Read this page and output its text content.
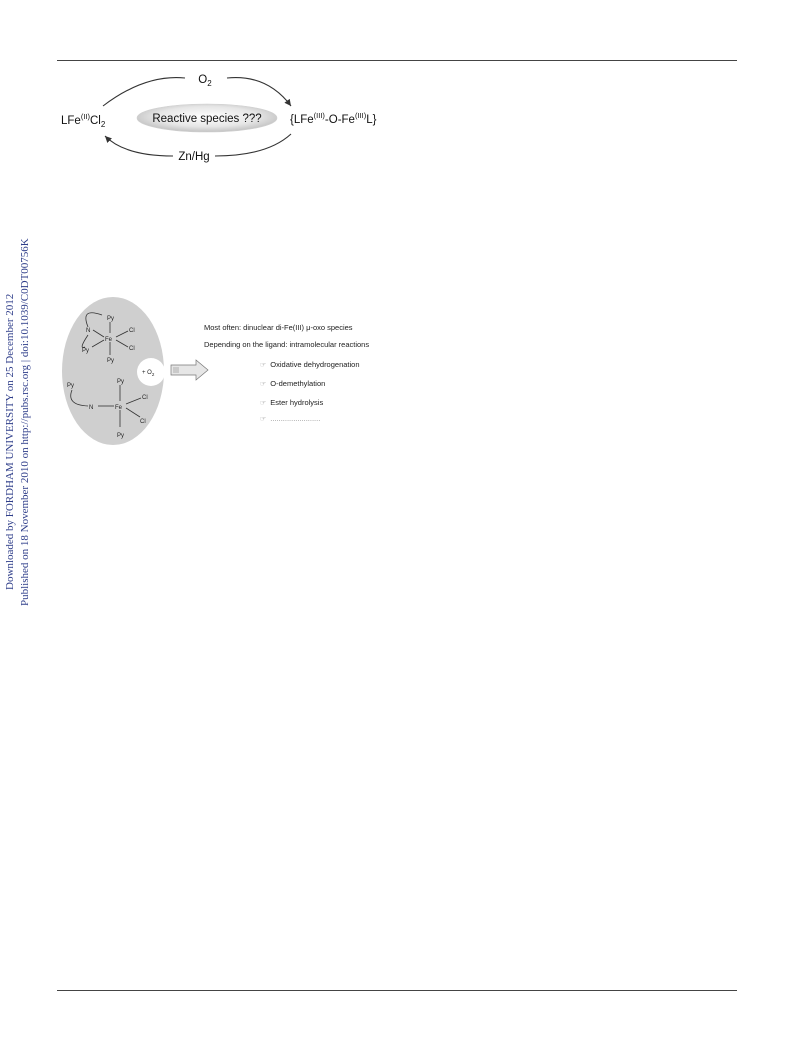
Downloaded by FORDHAM UNIVERSITY on 25 December 2012 Published on 18 November 2010 on http://pubs.rsc.org | doi:10.1039/C0DT00756K
Reactive species ???
$O_2$
Zn/Hg
$LFe^{(II)}Cl_2$	$\{LFe^{(III)}-O-Fe^{(III)}L\}$
Py
N
Fe
Cl
Cl
Py
Py
Py
Py
N	Fe
Cl
Cl
Py
+ $O_2$
Most often: dinuclear di-Fe(III) μ-oxo species
Depending on the ligand: intramolecular reactions
☞ Oxidative dehydrogenation
☞ O-demethylation
☞ Ester hydrolysis
☞ ........................
